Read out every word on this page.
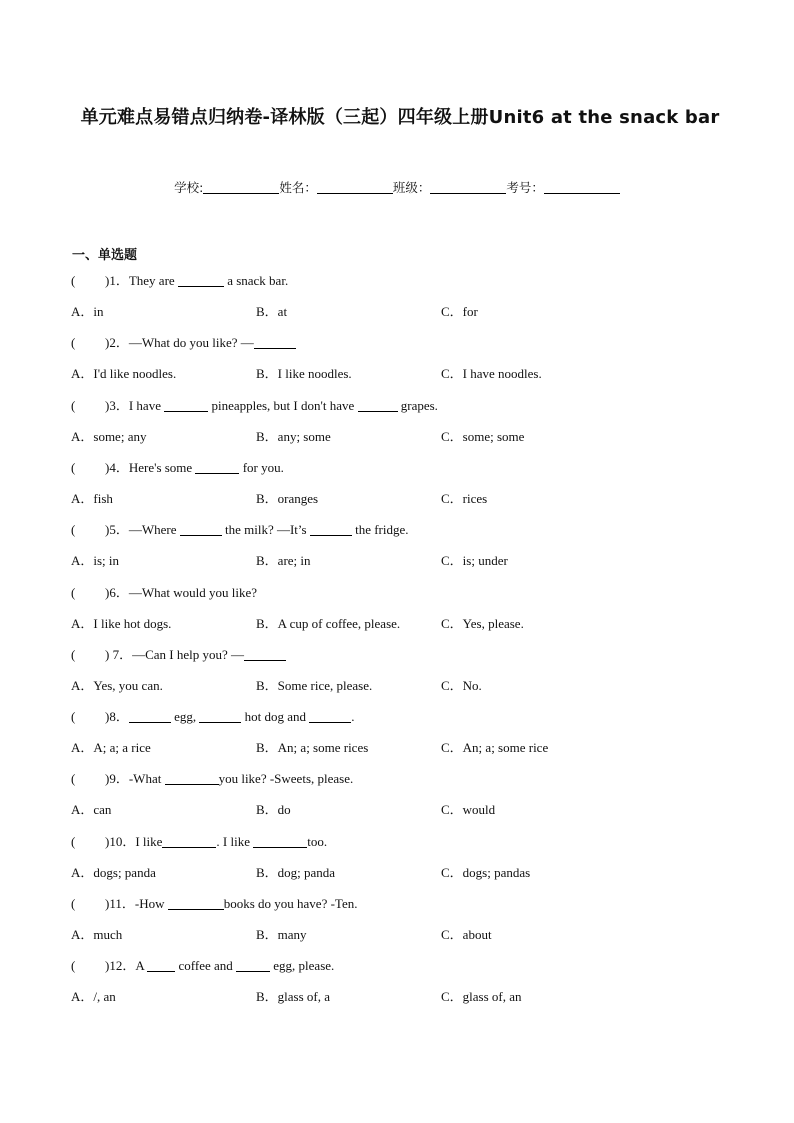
单元难点易错点归纳卷-译林版（三起）四年级上册Unit6 at the snack bar
学校:	姓名：	班级：	考号：
一、单选题
( )1．They are	a snack bar.
A．in	B．at	C．for
( )2．—What do you like? —
A．I'd like noodles.	B．I like noodles.	C．I have noodles.
( )3．I have	pineapples, but I don't have	grapes.
A．some; any	B．any; some	C．some; some
( )4．Here's some	for you.
A．fish	B．oranges	C．rices
( )5．—Where	the milk? —It’s	the fridge.
A．is; in	B．are; in	C．is; under
( )6．—What would you like?
A．I like hot dogs.	B．A cup of coffee, please.	C．Yes, please.
( ) 7．—Can I help you? —
A．Yes, you can.	B．Some rice, please.	C．No.
( )8．	egg,	hot dog and	.
A．A; a; a rice	B．An; a; some rices	C．An; a; some rice
( )9．-What	you like? -Sweets, please.
A．can	B．do	C．would
( )10．I like	. I like	too.
A．dogs; panda	B．dog; panda	C．dogs; pandas
( )11．-How	books do you have? -Ten.
A．much	B．many	C．about
( )12．A  coffee and	egg, please.
A．/, an	B．glass of, a	C．glass of, an
